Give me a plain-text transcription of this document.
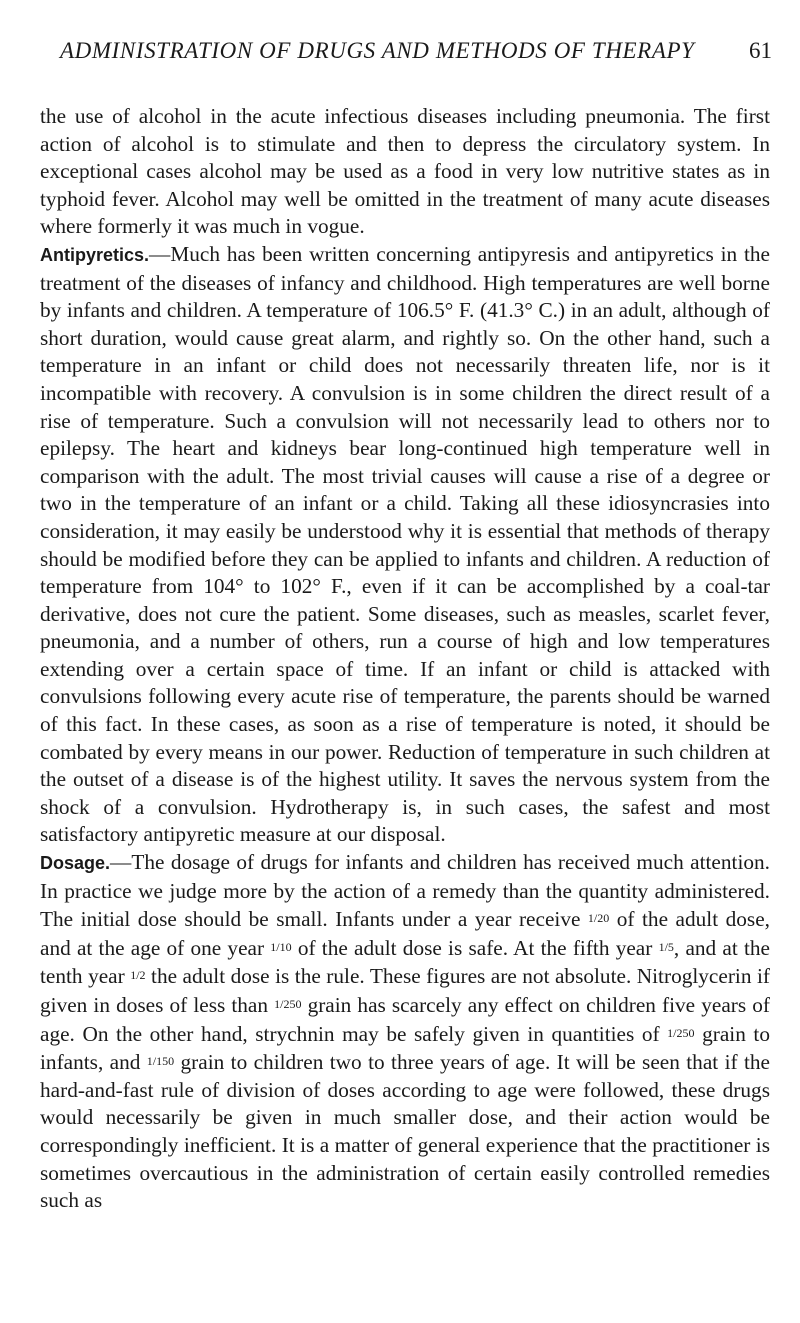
ADMINISTRATION OF DRUGS AND METHODS OF THERAPY 61

the use of alcohol in the acute infectious diseases including pneumonia. The first action of alcohol is to stimulate and then to depress the circulatory system. In exceptional cases alcohol may be used as a food in very low nutritive states as in typhoid fever. Alcohol may well be omitted in the treatment of many acute diseases where formerly it was much in vogue.

Antipyretics.—Much has been written concerning antipyresis and antipyretics in the treatment of the diseases of infancy and childhood. High temperatures are well borne by infants and children. A temperature of 106.5° F. (41.3° C.) in an adult, although of short duration, would cause great alarm, and rightly so. On the other hand, such a temperature in an infant or child does not necessarily threaten life, nor is it incompatible with recovery. A convulsion is in some children the direct result of a rise of temperature. Such a convulsion will not necessarily lead to others nor to epilepsy. The heart and kidneys bear long-continued high temperature well in comparison with the adult. The most trivial causes will cause a rise of a degree or two in the temperature of an infant or a child. Taking all these idiosyncrasies into consideration, it may easily be understood why it is essential that methods of therapy should be modified before they can be applied to infants and children. A reduction of temperature from 104° to 102° F., even if it can be accomplished by a coal-tar derivative, does not cure the patient. Some diseases, such as measles, scarlet fever, pneumonia, and a number of others, run a course of high and low temperatures extending over a certain space of time. If an infant or child is attacked with convulsions following every acute rise of temperature, the parents should be warned of this fact. In these cases, as soon as a rise of temperature is noted, it should be combated by every means in our power. Reduction of temperature in such children at the outset of a disease is of the highest utility. It saves the nervous system from the shock of a convulsion. Hydrotherapy is, in such cases, the safest and most satisfactory antipyretic measure at our disposal.

Dosage.—The dosage of drugs for infants and children has received much attention. In practice we judge more by the action of a remedy than the quantity administered. The initial dose should be small. Infants under a year receive 1/20 of the adult dose, and at the age of one year 1/10 of the adult dose is safe. At the fifth year 1/5, and at the tenth year 1/2 the adult dose is the rule. These figures are not absolute. Nitroglycerin if given in doses of less than 1/250 grain has scarcely any effect on children five years of age. On the other hand, strychnin may be safely given in quantities of 1/250 grain to infants, and 1/150 grain to children two to three years of age. It will be seen that if the hard-and-fast rule of division of doses according to age were followed, these drugs would necessarily be given in much smaller dose, and their action would be correspondingly inefficient. It is a matter of general experience that the practitioner is sometimes overcautious in the administration of certain easily controlled remedies such as
